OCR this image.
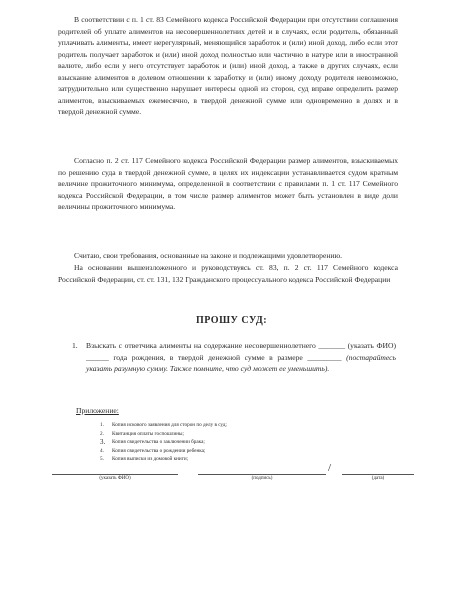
В соответствии с п. 1 ст. 83 Семейного кодекса Российской Федерации при отсутствии соглашения родителей об уплате алиментов на несовершеннолетних детей и в случаях, если родитель, обязанный уплачивать алименты, имеет нерегулярный, меняющийся заработок и (или) иной доход, либо если этот родитель получает заработок и (или) иной доход полностью или частично в натуре или в иностранной валюте, либо если у него отсутствует заработок и (или) иной доход, а также в других случаях, если взыскание алиментов в долевом отношении к заработку и (или) иному доходу родителя невозможно, затруднительно или существенно нарушает интересы одной из сторон, суд вправе определить размер алиментов, взыскиваемых ежемесячно, в твердой денежной сумме или одновременно в долях и в твердой денежной сумме.

Согласно п. 2 ст. 117 Семейного кодекса Российской Федерации размер алиментов, взыскиваемых по решению суда в твердой денежной сумме, в целях их индексации устанавливается судом кратным величине прожиточного минимума, определенной в соответствии с правилами п. 1 ст. 117 Семейного кодекса Российской Федерации, в том числе размер алиментов может быть установлен в виде доли величины прожиточного минимума.

Считаю, свои требования, основанные на законе и подлежащими удовлетворению.

На основании вышеизложенного и руководствуясь ст. 83, п. 2 ст. 117 Семейного кодекса Российской Федерации, ст. ст. 131, 132 Гражданского процессуального кодекса Российской Федерации

ПРОШУ СУД:
1. Взыскать с ответчика алименты на содержание несовершеннолетнего _______ (указать ФИО) ______ года рождения, в твердой денежной сумме в размере _________ (постарайтесь указать разумную сумму. Также помните, что суд может ее уменьшить).

Приложение:
1. Копия искового заявления для сторон по делу в суд;
2. Квитанция оплаты госпошлины;
3. Копия свидетельства о заключении брака;
4. Копия свидетельства о рождении ребенка;
5. Копия выписки из домовой книги;
(указать ФИО)	(подпись)
/
(дата)
